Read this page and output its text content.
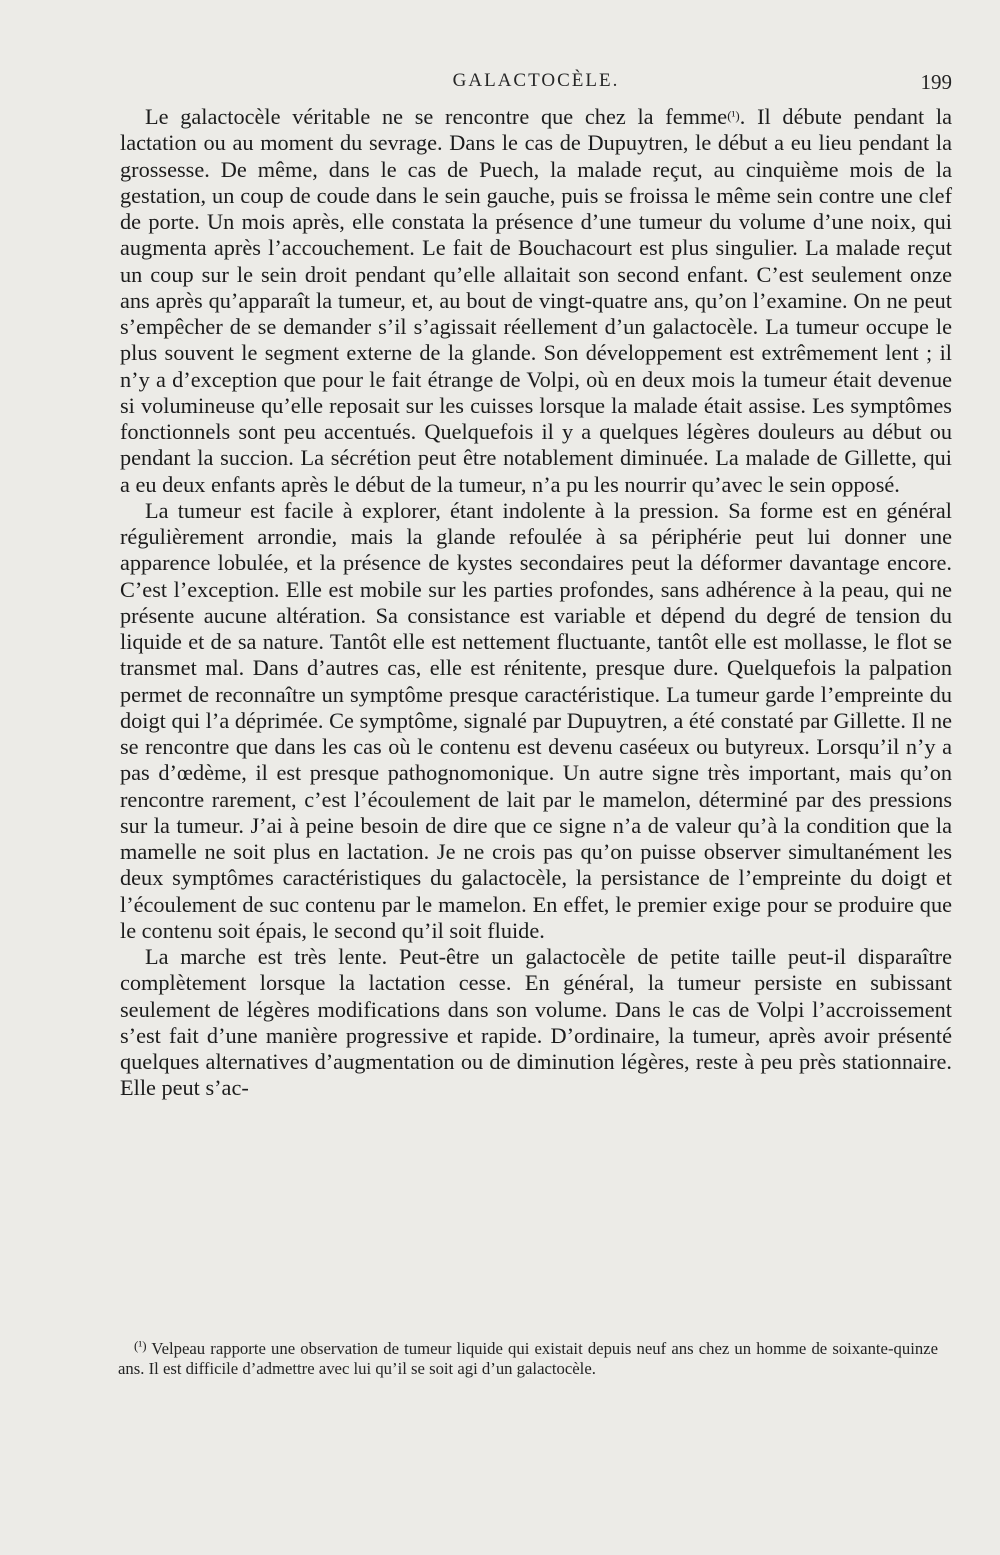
GALACTOCÈLE.	199

Le galactocèle véritable ne se rencontre que chez la femme(¹). Il débute pendant la lactation ou au moment du sevrage. Dans le cas de Dupuytren, le début a eu lieu pendant la grossesse. De même, dans le cas de Puech, la malade reçut, au cinquième mois de la gestation, un coup de coude dans le sein gauche, puis se froissa le même sein contre une clef de porte. Un mois après, elle constata la présence d’une tumeur du volume d’une noix, qui augmenta après l’accouchement. Le fait de Bouchacourt est plus singulier. La malade reçut un coup sur le sein droit pendant qu’elle allaitait son second enfant. C’est seulement onze ans après qu’apparaît la tumeur, et, au bout de vingt-quatre ans, qu’on l’examine. On ne peut s’empêcher de se demander s’il s’agissait réellement d’un galactocèle. La tumeur occupe le plus souvent le segment externe de la glande. Son développement est extrêmement lent ; il n’y a d’exception que pour le fait étrange de Volpi, où en deux mois la tumeur était devenue si volumineuse qu’elle reposait sur les cuisses lorsque la malade était assise. Les symptômes fonctionnels sont peu accentués. Quelquefois il y a quelques légères douleurs au début ou pendant la succion. La sécrétion peut être notablement diminuée. La malade de Gillette, qui a eu deux enfants après le début de la tumeur, n’a pu les nourrir qu’avec le sein opposé.

La tumeur est facile à explorer, étant indolente à la pression. Sa forme est en général régulièrement arrondie, mais la glande refoulée à sa périphérie peut lui donner une apparence lobulée, et la présence de kystes secondaires peut la déformer davantage encore. C’est l’exception. Elle est mobile sur les parties profondes, sans adhérence à la peau, qui ne présente aucune altération. Sa consistance est variable et dépend du degré de tension du liquide et de sa nature. Tantôt elle est nettement fluctuante, tantôt elle est mollasse, le flot se transmet mal. Dans d’autres cas, elle est rénitente, presque dure. Quelquefois la palpation permet de reconnaître un symptôme presque caractéristique. La tumeur garde l’empreinte du doigt qui l’a déprimée. Ce symptôme, signalé par Dupuytren, a été constaté par Gillette. Il ne se rencontre que dans les cas où le contenu est devenu caséeux ou butyreux. Lorsqu’il n’y a pas d’œdème, il est presque pathognomonique. Un autre signe très important, mais qu’on rencontre rarement, c’est l’écoulement de lait par le mamelon, déterminé par des pressions sur la tumeur. J’ai à peine besoin de dire que ce signe n’a de valeur qu’à la condition que la mamelle ne soit plus en lactation. Je ne crois pas qu’on puisse observer simultanément les deux symptômes caractéristiques du galactocèle, la persistance de l’empreinte du doigt et l’écoulement de suc contenu par le mamelon. En effet, le premier exige pour se produire que le contenu soit épais, le second qu’il soit fluide.

La marche est très lente. Peut-être un galactocèle de petite taille peut-il disparaître complètement lorsque la lactation cesse. En général, la tumeur persiste en subissant seulement de légères modifications dans son volume. Dans le cas de Volpi l’accroissement s’est fait d’une manière progressive et rapide. D’ordinaire, la tumeur, après avoir présenté quelques alternatives d’augmentation ou de diminution légères, reste à peu près stationnaire. Elle peut s’ac-

$^{(^1)}$ Velpeau rapporte une observation de tumeur liquide qui existait depuis neuf ans chez un homme de soixante-quinze ans. Il est difficile d’admettre avec lui qu’il se soit agi d’un galactocèle.
